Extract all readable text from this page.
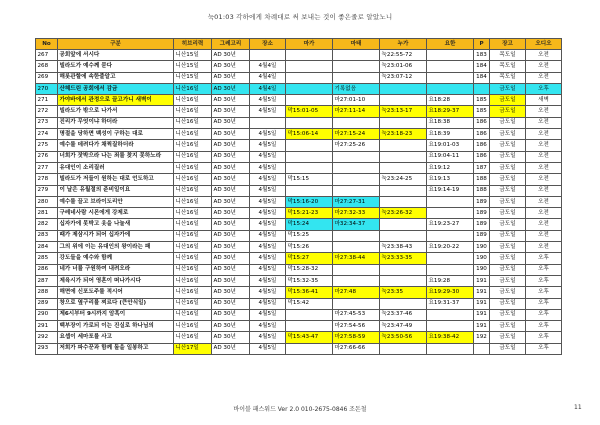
눅01:03 각하에게 차례대로 써 보내는 것이 좋은줄로 알았노니
No	구분	히브리력	그레고리	장소	마가	마태	누가	요한	P	장고	오디오
267	공회앞에 서시다	니산15일	AD 30년				눅22:55-72		183	목도일	오전
268	빌라도가 예수께 묻다	니산15일	AD 30년	4월4일			눅23:01-06		184	목도일	오전
269	해롯관할에 속한줄알고	니산15일	AD 30년	4월4일			눅23:07-12		184	목도일	오전
270	산헤드린 공회에서 감금	니산16일	AD 30년	4월4일		기록없음				금도일	오후
271	가야바에서 관정으로 끌고가니 새벽이	니산16일	AD 30년	4월5일		마27:01-10		요18:28	185	금도일	새벽
272	빌라도가 밖으로 나가서	니산16일	AD 30년	4월5일	막15:01-05	마27:11-14	눅23:13-17	요18:29-37	185	금도일	오전
273	진리가 무엇이냐 하더라	니산16일	AD 30년					요18:38	186	금도일	오전
274	명절을 당하면 백성이 구하는 대로	니산16일	AD 30년	4월5일	막15:06-14	마27:15-24	눅23:18-23	요18:39	186	금도일	오전
275	예수를 데려다가 채찍질하더라	니산16일	AD 30년	4월5일		마27:25-26		요19:01-03	186	금도일	오전
276	너희가 잣박으라 나는 죄를 찾지 못하노라	니산16일	AD 30년	4월5일				요19:04-11	186	금도일	오전
277	유대인이 소리질러	니산16일	AD 30년	4월5일				요19:12	187	금도일	오전
278	빌라도가 저들이 원하는 대로 언도하고	니산16일	AD 30년	4월5일	막15:15		눅23:24-25	요19:13	188	금도일	오전
279	이 날은 유월절의 준비일이요	니산16일	AD 30년	4월5일				요19:14-19	188	금도일	오전
280	예수를 끌고 브라이도리안	니산16일	AD 30년	4월5일	막15:16-20	마27:27-31			189	금도일	오전
281	구레네사람 시몬에게 강제로	니산16일	AD 30년	4월5일	막15:21-23	마27:32-33	눅23:26-32		189	금도일	오전
282	십자가에 못박고 옷을 나눌새	니산16일	AD 30년	4월5일	막15:24	마32:34-37		요19:23-27	189	금도일	오전
283	때가 제삼시가 되어 십자가에	니산16일	AD 30년	4월5일	막15:25				189	금도일	오전
284	그의 위에 이는 유대인의 왕이라는 패	니산16일	AD 30년	4월5일	막15:26		눅23:38-43	요19:20-22	190	금도일	오전
285	강도들을 예수와 함께	니산16일	AD 30년	4월5일	막15:27	마27:38-44	눅23:33-35		190	금도일	오후
286	네가 너를 구원하여 내려오라	니산16일	AD 30년	4월5일	막15:28-32				190	금도일	오후
287	제육시가 되어 영혼이 떠나가시다	니산16일	AD 30년	4월5일	막15:32-35			요19:28	191	금도일	오후
288	해면에 신포도주를 적시어	니산16일	AD 30년	4월5일	막15:36-41	마27:48	눅23:35	요19:29-30	191	금도일	오후
289	창으로 옆구리를 찌르다 (큰안식일)	니산16일	AD 30년	4월5일	막15:42			요19:31-37	191	금도일	오후
290	제6시부터 9시까지 암흑이	니산16일	AD 30년	4월5일		마27:45-53	눅23:37-46		191	금도일	오후
291	백부장이 가로되 이는 진실로 하나님의	니산16일	AD 30년	4월5일		마27:54-56	눅23:47-49		191	금도일	오후
292	요셉이 세마포를 사고	니산16일	AD 30년	4월5일	막15:43-47	마27:58-59	눅23:50-56	요19:38-42	192	금도일	오후
293	저희가 파수꾼과 함께 돌을 일봉하고	니산17일	AD 30년	4월5일		마27:66-66				금도일	오후
바이블 패스워드 Ver 2.0 010-2675-0846 조돈철	11
